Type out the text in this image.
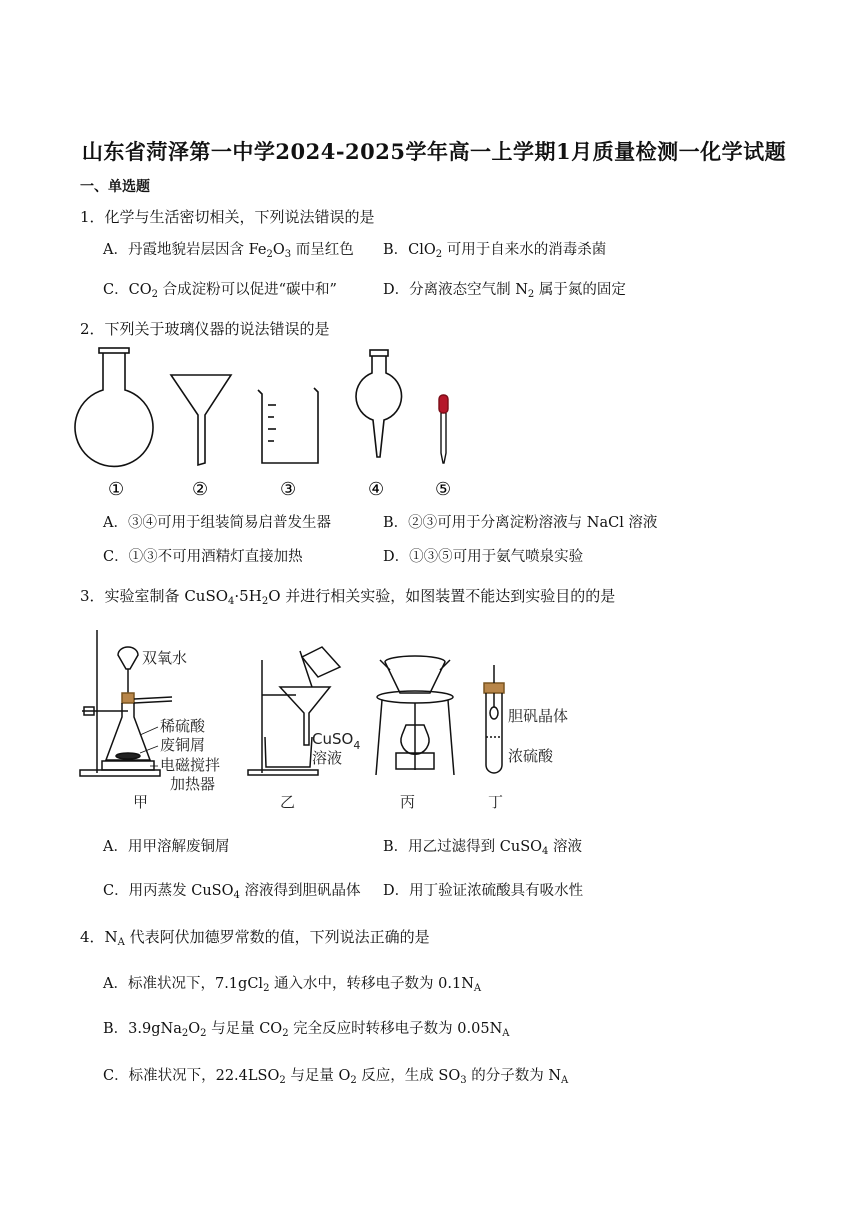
山东省菏泽第一中学2024-2025学年高一上学期1月质量检测一化学试题
一、单选题
1．化学与生活密切相关，下列说法错误的是
A．丹霞地貌岩层因含 $Fe_2O_3$ 而呈红色 B．ClO$_2$ 可用于自来水的消毒杀菌
C．$CO_2$ 合成淀粉可以促进“碳中和”	D．分离液态空气制 $N_2$ 属于氮的固定
2．下列关于玻璃仪器的说法错误的是
①	②	③	④	⑤
A．③④可用于组装简易启普发生器	B．②③可用于分离淀粉溶液与 NaCl 溶液
C．①③不可用酒精灯直接加热	D．①③⑤可用于氨气喷泉实验
3．实验室制备 $CuSO_4\cdot 5H_2O$ 并进行相关实验，如图装置不能达到实验目的的是
双氧水
稀硫酸
废铜屑
电磁搅拌
加热器
CuSO$_4$
溶液
胆矾晶体
浓硫酸
甲	乙	丙	丁
A．用甲溶解废铜屑	B．用乙过滤得到 CuSO$_4$ 溶液
C．用丙蒸发 CuSO$_4$ 溶液得到胆矾晶体 D．用丁验证浓硫酸具有吸水性
4．$N_A$ 代表阿伏加德罗常数的值，下列说法正确的是
A．标准状况下，7.1gCl$_2$ 通入水中，转移电子数为 $0.1N_A$
B．$3.9gNa_2O_2$ 与足量 $CO_2$ 完全反应时转移电子数为 $0.05N_A$
C．标准状况下，$22.4LSO_2$ 与足量 $O_2$ 反应，生成 $SO_3$ 的分子数为 $N_A$
